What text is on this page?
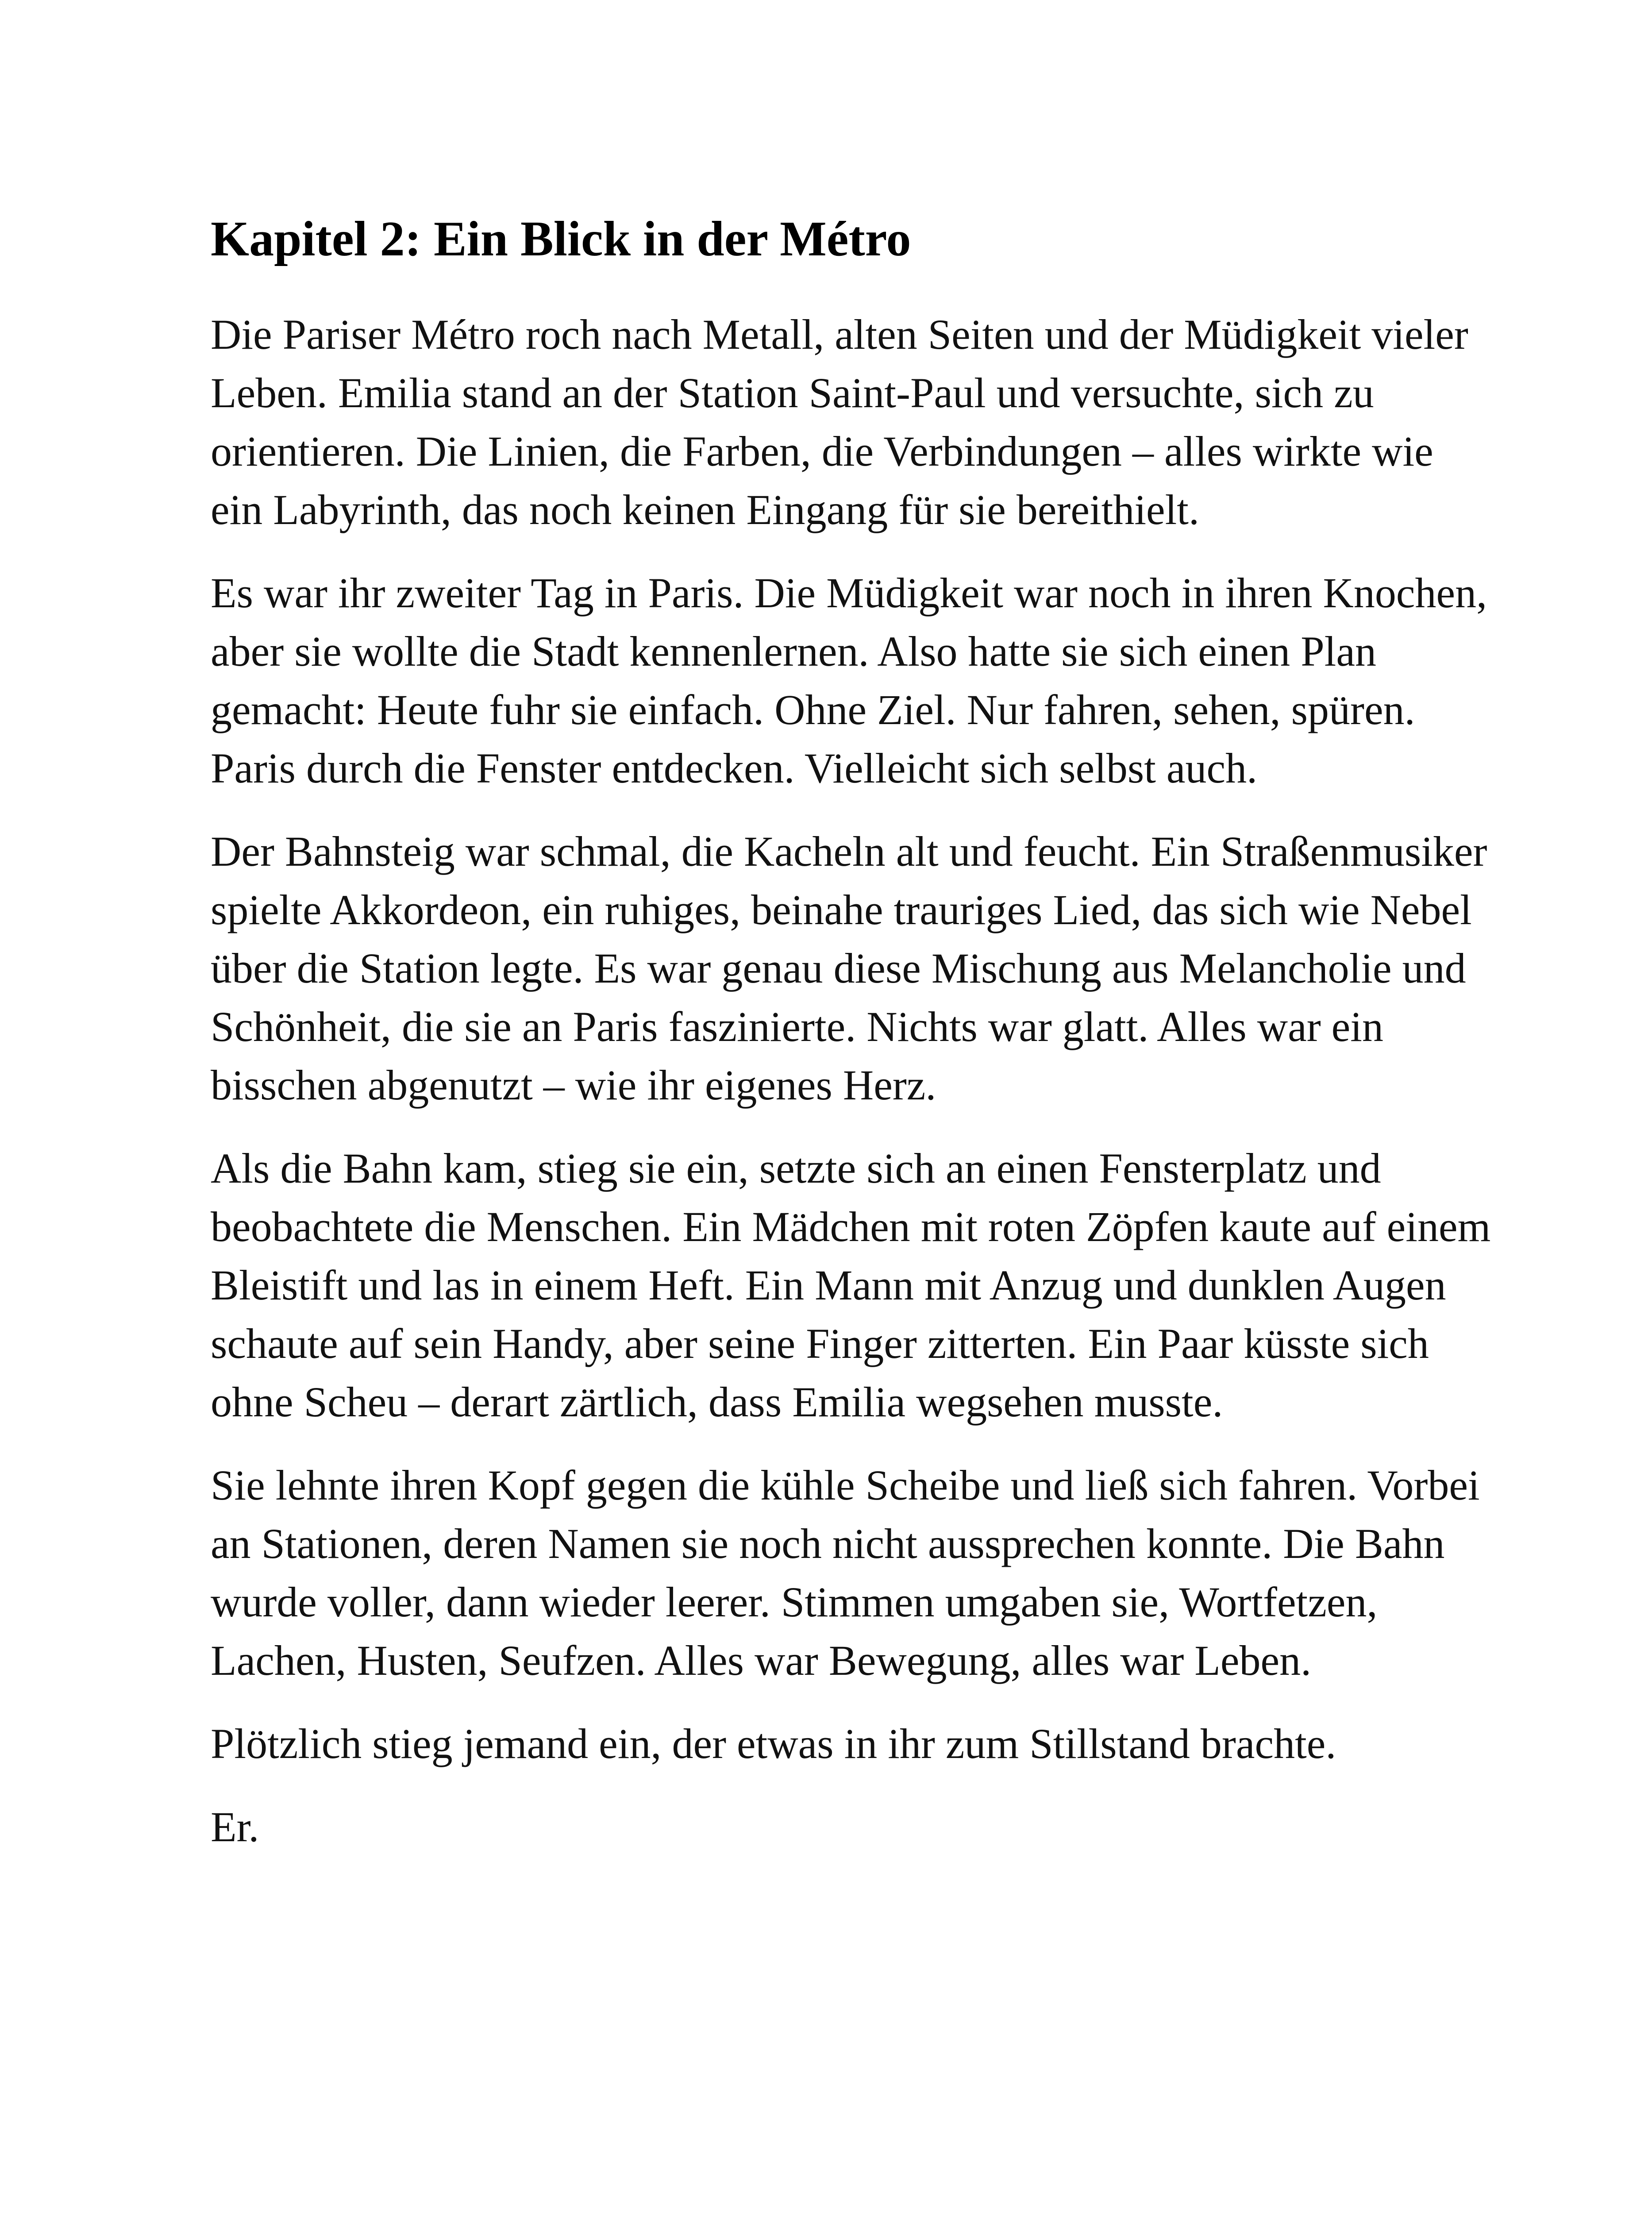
Kapitel 2: Ein Blick in der Métro

Die Pariser Métro roch nach Metall, alten Seiten und der Müdigkeit vieler Leben. Emilia stand an der Station Saint-Paul und versuchte, sich zu orientieren. Die Linien, die Farben, die Verbindungen – alles wirkte wie ein Labyrinth, das noch keinen Eingang für sie bereithielt.

Es war ihr zweiter Tag in Paris. Die Müdigkeit war noch in ihren Knochen, aber sie wollte die Stadt kennenlernen. Also hatte sie sich einen Plan gemacht: Heute fuhr sie einfach. Ohne Ziel. Nur fahren, sehen, spüren. Paris durch die Fenster entdecken. Vielleicht sich selbst auch.

Der Bahnsteig war schmal, die Kacheln alt und feucht. Ein Straßenmusiker spielte Akkordeon, ein ruhiges, beinahe trauriges Lied, das sich wie Nebel über die Station legte. Es war genau diese Mischung aus Melancholie und Schönheit, die sie an Paris faszinierte. Nichts war glatt. Alles war ein bisschen abgenutzt – wie ihr eigenes Herz.

Als die Bahn kam, stieg sie ein, setzte sich an einen Fensterplatz und beobachtete die Menschen. Ein Mädchen mit roten Zöpfen kaute auf einem Bleistift und las in einem Heft. Ein Mann mit Anzug und dunklen Augen schaute auf sein Handy, aber seine Finger zitterten. Ein Paar küsste sich ohne Scheu – derart zärtlich, dass Emilia wegsehen musste.

Sie lehnte ihren Kopf gegen die kühle Scheibe und ließ sich fahren. Vorbei an Stationen, deren Namen sie noch nicht aussprechen konnte. Die Bahn wurde voller, dann wieder leerer. Stimmen umgaben sie, Wortfetzen, Lachen, Husten, Seufzen. Alles war Bewegung, alles war Leben.

Plötzlich stieg jemand ein, der etwas in ihr zum Stillstand brachte.

Er.
